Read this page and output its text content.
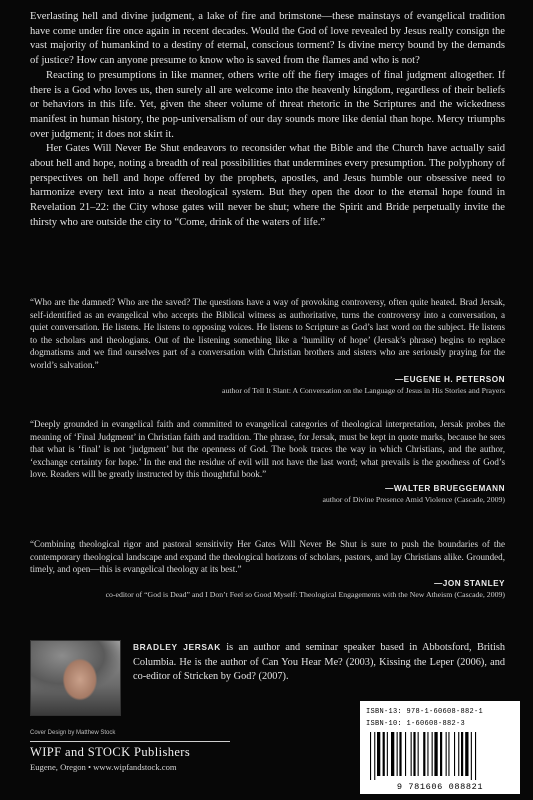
Everlasting hell and divine judgment, a lake of fire and brimstone—these mainstays of evangelical tradition have come under fire once again in recent decades. Would the God of love revealed by Jesus really consign the vast majority of humankind to a destiny of eternal, conscious torment? Is divine mercy bound by the demands of justice? How can anyone presume to know who is saved from the flames and who is not?

Reacting to presumptions in like manner, others write off the fiery images of final judgment altogether. If there is a God who loves us, then surely all are welcome into the heavenly kingdom, regardless of their beliefs or behaviors in this life. Yet, given the sheer volume of threat rhetoric in the Scriptures and the wickedness manifest in human history, the pop-universalism of our day sounds more like denial than hope. Mercy triumphs over judgment; it does not skirt it.

Her Gates Will Never Be Shut endeavors to reconsider what the Bible and the Church have actually said about hell and hope, noting a breadth of real possibilities that undermines every presumption. The polyphony of perspectives on hell and hope offered by the prophets, apostles, and Jesus humble our obsessive need to harmonize every text into a neat theological system. But they open the door to the eternal hope found in Revelation 21–22: the City whose gates will never be shut; where the Spirit and Bride perpetually invite the thirsty who are outside the city to “Come, drink of the waters of life.”

“Who are the damned? Who are the saved? The questions have a way of provoking controversy, often quite heated. Brad Jersak, self-identified as an evangelical who accepts the Biblical witness as authoritative, turns the controversy into a conversation, a quiet conversation. He listens. He listens to opposing voices. He listens to Scripture as God’s last word on the subject. He listens to the scholars and theologians. Out of the listening something like a ‘humility of hope’ (Jersak’s phrase) begins to replace dogmatisms and we find ourselves part of a conversation with Christian brothers and sisters who are seriously praying for the world’s salvation.”

—EUGENE H. PETERSON
author of Tell It Slant: A Conversation on the Language of Jesus in His Stories and Prayers

“Deeply grounded in evangelical faith and committed to evangelical categories of theological interpretation, Jersak probes the meaning of ‘Final Judgment’ in Christian faith and tradition. The phrase, for Jersak, must be kept in quote marks, because he sees that what is ‘final’ is not ‘judgment’ but the openness of God. The book traces the way in which Christians, and the author, ‘exchange certainty for hope.’ In the end the residue of evil will not have the last word; what prevails is the goodness of God’s love. Readers will be greatly instructed by this thoughtful book.”

—WALTER BRUEGGEMANN
author of Divine Presence Amid Violence (Cascade, 2009)

“Combining theological rigor and pastoral sensitivity Her Gates Will Never Be Shut is sure to push the boundaries of the contemporary theological landscape and expand the theological horizons of scholars, pastors, and lay Christians alike. Grounded, timely, and open—this is evangelical theology at its best.”

—JON STANLEY
co-editor of “God is Dead” and I Don’t Feel so Good Myself: Theological Engagements with the New Atheism (Cascade, 2009)
BRADLEY JERSAK is an author and seminar speaker based in Abbotsford, British Columbia. He is the author of Can You Hear Me? (2003), Kissing the Leper (2006), and co-editor of Stricken by God? (2007).
Cover Design by Matthew Stock
WIPF and STOCK Publishers
Eugene, Oregon • www.wipfandstock.com
ISBN-13: 978-1-60608-882-1
ISBN-10: 1-60608-882-3
9 781606 088821
